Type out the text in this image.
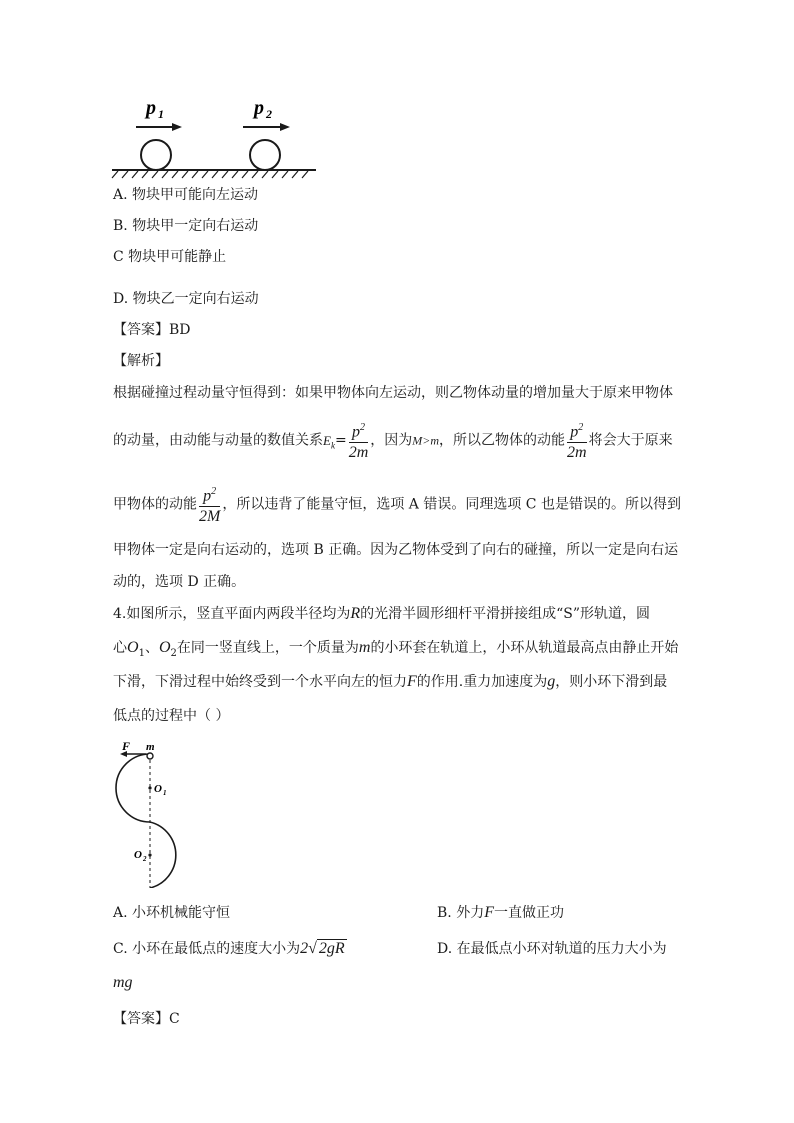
p 1	p 2
A. 物块甲可能向左运动
B. 物块甲一定向右运动
C 物块甲可能静止
D. 物块乙一定向右运动
【答案】BD
【解析】
根据碰撞过程动量守恒得到：如果甲物体向左运动，则乙物体动量的增加量大于原来甲物体
的动量，由动能与动量的数值关系$E_k= \frac{p^2}{2m}$ ，因为M>m，所以乙物体的动能 $\frac{p^2}{2m}$ 将会大于原来
甲物体的动能 $\frac{p^2}{2M}$ ，所以违背了能量守恒，选项 A 错误。同理选项 C 也是错误的。所以得到
甲物体一定是向右运动的，选项 B 正确。因为乙物体受到了向右的碰撞，所以一定是向右运
动的，选项 D 正确。
4.如图所示，竖直平面内两段半径均为R的光滑半圆形细杆平滑拼接组成“S”形轨道，圆
心$O_1$、$O_2$在同一竖直线上，一个质量为m的小环套在轨道上，小环从轨道最高点由静止开始
下滑，下滑过程中始终受到一个水平向左的恒力F的作用.重力加速度为g，则小环下滑到最
低点的过程中（ ）
F m
O 1
O 2
A. 小环机械能守恒	B. 外力F一直做正功
C. 小环在最低点的速度大小为2√ 2gR	D. 在最低点小环对轨道的压力大小为
mg
【答案】C
